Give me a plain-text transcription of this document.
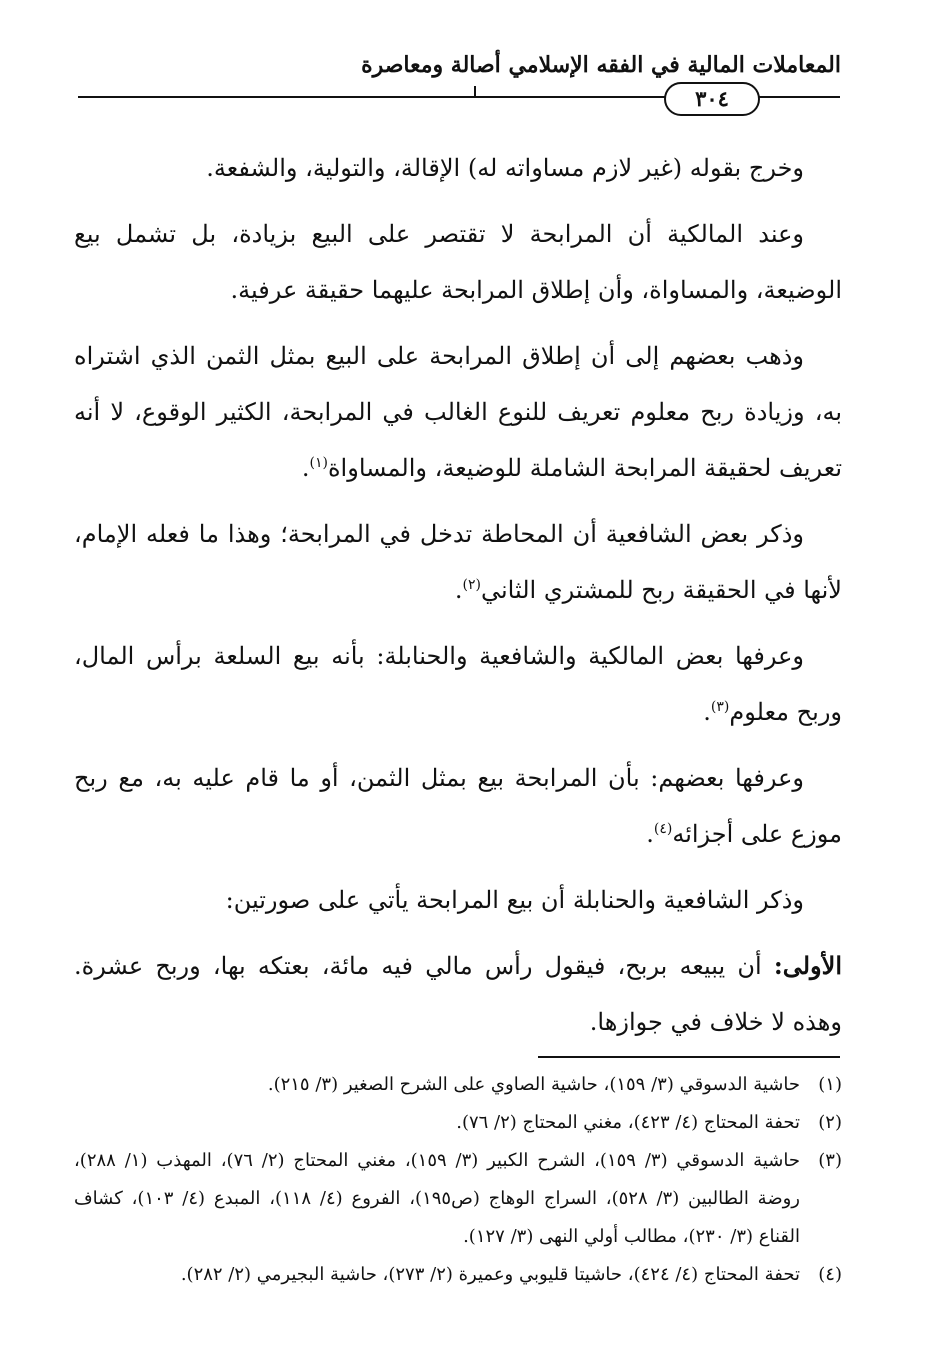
المعاملات المالية في الفقه الإسلامي أصالة ومعاصرة
٣٠٤

وخرج بقوله (غير لازم مساواته له) الإقالة، والتولية، والشفعة.

وعند المالكية أن المرابحة لا تقتصر على البيع بزيادة، بل تشمل بيع الوضيعة، والمساواة، وأن إطلاق المرابحة عليهما حقيقة عرفية.

وذهب بعضهم إلى أن إطلاق المرابحة على البيع بمثل الثمن الذي اشتراه به، وزيادة ربح معلوم تعريف للنوع الغالب في المرابحة، الكثير الوقوع، لا أنه تعريف لحقيقة المرابحة الشاملة للوضيعة، والمساواة$^{(١)}$.

وذكر بعض الشافعية أن المحاطة تدخل في المرابحة؛ وهذا ما فعله الإمام، لأنها في الحقيقة ربح للمشتري الثاني$^{(٢)}$.

وعرفها بعض المالكية والشافعية والحنابلة: بأنه بيع السلعة برأس المال، وربح معلوم$^{(٣)}$.

وعرفها بعضهم: بأن المرابحة بيع بمثل الثمن، أو ما قام عليه به، مع ربح موزع على أجزائه$^{(٤)}$.

وذكر الشافعية والحنابلة أن بيع المرابحة يأتي على صورتين:

الأولى: أن يبيعه بربح، فيقول رأس مالي فيه مائة، بعتكه بها، وربح عشرة. وهذه لا خلاف في جوازها.

(١)
حاشية الدسوقي (٣/ ١٥٩)، حاشية الصاوي على الشرح الصغير (٣/ ٢١٥).
(٢)
تحفة المحتاج (٤/ ٤٢٣)، مغني المحتاج (٢/ ٧٦).
(٣)
حاشية الدسوقي (٣/ ١٥٩)، الشرح الكبير (٣/ ١٥٩)، مغني المحتاج (٢/ ٧٦)، المهذب (١/ ٢٨٨)، روضة الطالبين (٣/ ٥٢٨)، السراج الوهاج (ص١٩٥)، الفروع (٤/ ١١٨)، المبدع (٤/ ١٠٣)، كشاف القناع (٣/ ٢٣٠)، مطالب أولي النهى (٣/ ١٢٧).
(٤)
تحفة المحتاج (٤/ ٤٢٤)، حاشيتا قليوبي وعميرة (٢/ ٢٧٣)، حاشية البجيرمي (٢/ ٢٨٢).
